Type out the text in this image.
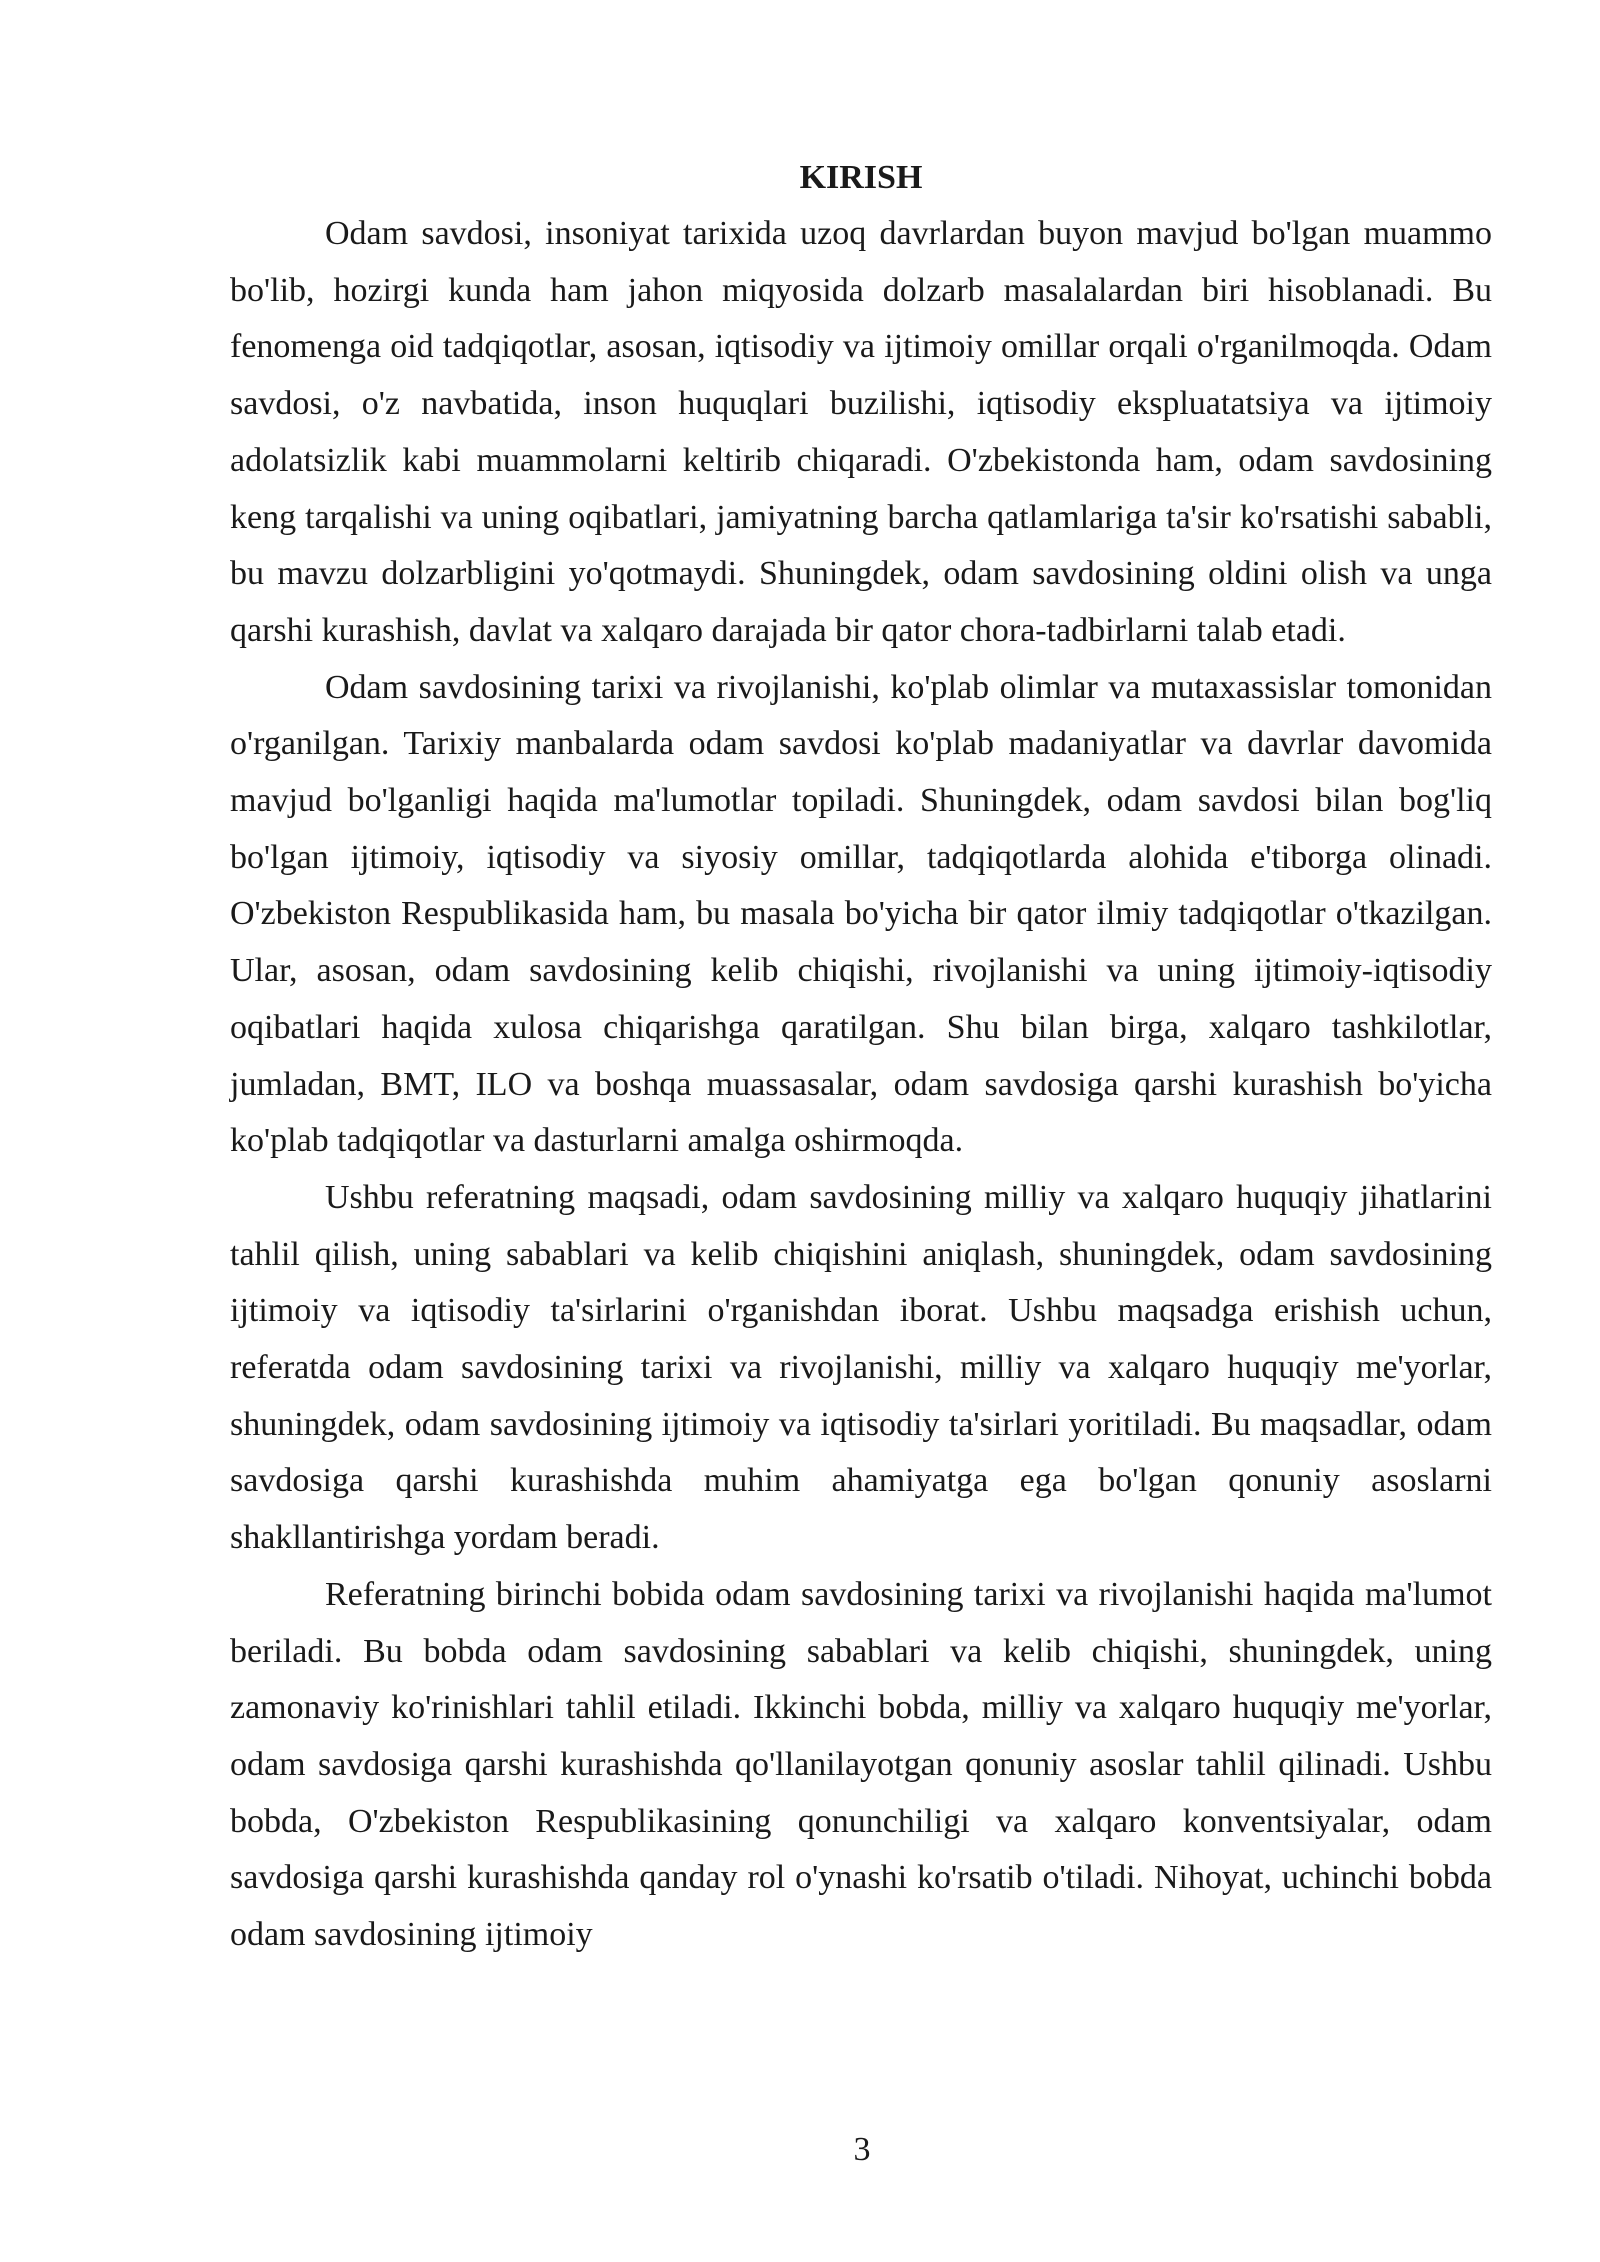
KIRISH

Odam savdosi, insoniyat tarixida uzoq davrlardan buyon mavjud bo'lgan muammo bo'lib, hozirgi kunda ham jahon miqyosida dolzarb masalalardan biri hisoblanadi. Bu fenomenga oid tadqiqotlar, asosan, iqtisodiy va ijtimoiy omillar orqali o'rganilmoqda. Odam savdosi, o'z navbatida, inson huquqlari buzilishi, iqtisodiy ekspluatatsiya va ijtimoiy adolatsizlik kabi muammolarni keltirib chiqaradi. O'zbekistonda ham, odam savdosining keng tarqalishi va uning oqibatlari, jamiyatning barcha qatlamlariga ta'sir ko'rsatishi sababli, bu mavzu dolzarbligini yo'qotmaydi. Shuningdek, odam savdosining oldini olish va unga qarshi kurashish, davlat va xalqaro darajada bir qator chora-tadbirlarni talab etadi.

Odam savdosining tarixi va rivojlanishi, ko'plab olimlar va mutaxassislar tomonidan o'rganilgan. Tarixiy manbalarda odam savdosi ko'plab madaniyatlar va davrlar davomida mavjud bo'lganligi haqida ma'lumotlar topiladi. Shuningdek, odam savdosi bilan bog'liq bo'lgan ijtimoiy, iqtisodiy va siyosiy omillar, tadqiqotlarda alohida e'tiborga olinadi. O'zbekiston Respublikasida ham, bu masala bo'yicha bir qator ilmiy tadqiqotlar o'tkazilgan. Ular, asosan, odam savdosining kelib chiqishi, rivojlanishi va uning ijtimoiy-iqtisodiy oqibatlari haqida xulosa chiqarishga qaratilgan. Shu bilan birga, xalqaro tashkilotlar, jumladan, BMT, ILO va boshqa muassasalar, odam savdosiga qarshi kurashish bo'yicha ko'plab tadqiqotlar va dasturlarni amalga oshirmoqda.

Ushbu referatning maqsadi, odam savdosining milliy va xalqaro huquqiy jihatlarini tahlil qilish, uning sabablari va kelib chiqishini aniqlash, shuningdek, odam savdosining ijtimoiy va iqtisodiy ta'sirlarini o'rganishdan iborat. Ushbu maqsadga erishish uchun, referatda odam savdosining tarixi va rivojlanishi, milliy va xalqaro huquqiy me'yorlar, shuningdek, odam savdosining ijtimoiy va iqtisodiy ta'sirlari yoritiladi. Bu maqsadlar, odam savdosiga qarshi kurashishda muhim ahamiyatga ega bo'lgan qonuniy asoslarni shakllantirishga yordam beradi.

Referatning birinchi bobida odam savdosining tarixi va rivojlanishi haqida ma'lumot beriladi. Bu bobda odam savdosining sabablari va kelib chiqishi, shuningdek, uning zamonaviy ko'rinishlari tahlil etiladi. Ikkinchi bobda, milliy va xalqaro huquqiy me'yorlar, odam savdosiga qarshi kurashishda qo'llanilayotgan qonuniy asoslar tahlil qilinadi. Ushbu bobda, O'zbekiston Respublikasining qonunchiligi va xalqaro konventsiyalar, odam savdosiga qarshi kurashishda qanday rol o'ynashi ko'rsatib o'tiladi. Nihoyat, uchinchi bobda odam savdosining ijtimoiy

3
